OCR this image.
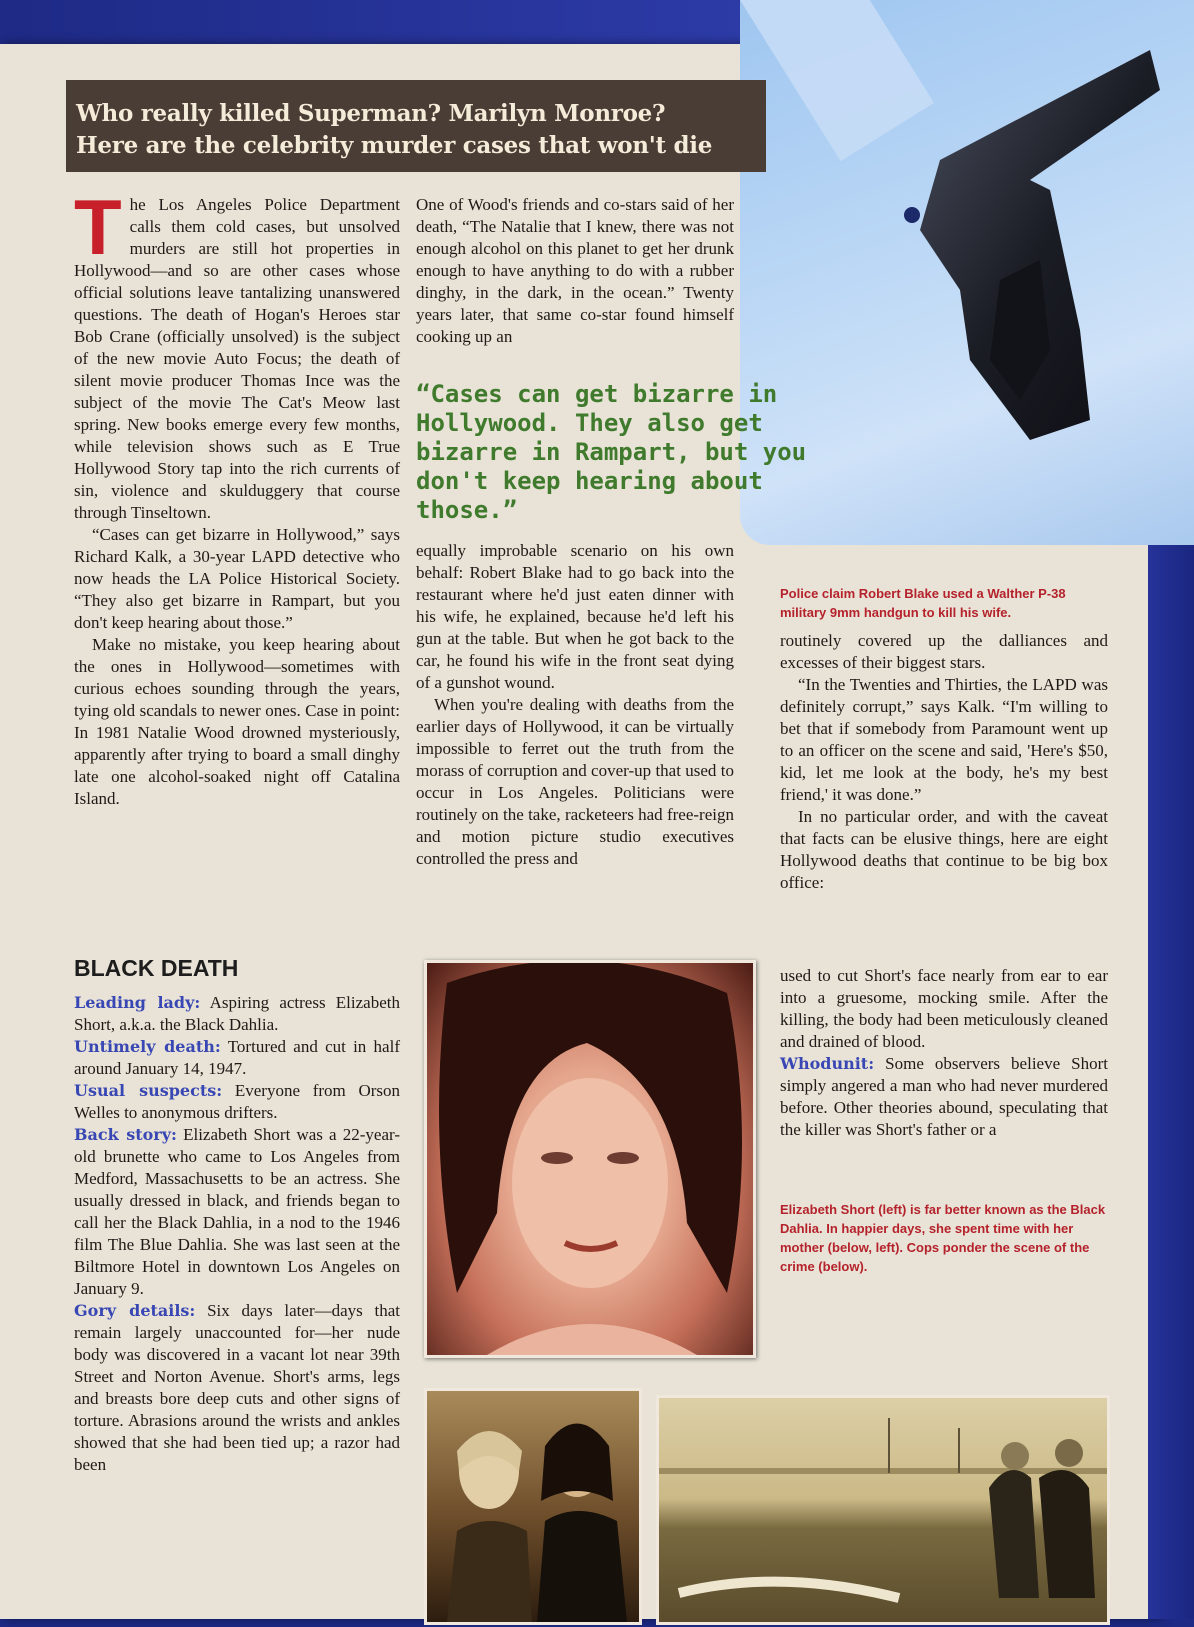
Who really killed Superman? Marilyn Monroe?
Here are the celebrity murder cases that won't die

The Los Angeles Police Department calls them cold cases, but unsolved murders are still hot properties in Hollywood—and so are other cases whose official solutions leave tantalizing unanswered questions. The death of Hogan's Heroes star Bob Crane (officially unsolved) is the subject of the new movie Auto Focus; the death of silent movie producer Thomas Ince was the subject of the movie The Cat's Meow last spring. New books emerge every few months, while television shows such as E True Hollywood Story tap into the rich currents of sin, violence and skulduggery that course through Tinseltown.

“Cases can get bizarre in Hollywood,” says Richard Kalk, a 30-year LAPD detective who now heads the LA Police Historical Society. “They also get bizarre in Rampart, but you don't keep hearing about those.”

Make no mistake, you keep hearing about the ones in Hollywood—sometimes with curious echoes sounding through the years, tying old scandals to newer ones. Case in point: In 1981 Natalie Wood drowned mysteriously, apparently after trying to board a small dinghy late one alcohol-soaked night off Catalina Island.

One of Wood's friends and co-stars said of her death, “The Natalie that I knew, there was not enough alcohol on this planet to get her drunk enough to have anything to do with a rubber dinghy, in the dark, in the ocean.” Twenty years later, that same co-star found himself cooking up an

“Cases can get bizarre in Hollywood. They also get bizarre in Rampart, but you don't keep hearing about those.”

equally improbable scenario on his own behalf: Robert Blake had to go back into the restaurant where he'd just eaten dinner with his wife, he explained, because he'd left his gun at the table. But when he got back to the car, he found his wife in the front seat dying of a gunshot wound.

When you're dealing with deaths from the earlier days of Hollywood, it can be virtually impossible to ferret out the truth from the morass of corruption and cover-up that used to occur in Los Angeles. Politicians were routinely on the take, racketeers had free-reign and motion picture studio executives controlled the press and

Police claim Robert Blake used a Walther P-38 military 9mm handgun to kill his wife.

routinely covered up the dalliances and excesses of their biggest stars.

“In the Twenties and Thirties, the LAPD was definitely corrupt,” says Kalk. “I'm willing to bet that if somebody from Paramount went up to an officer on the scene and said, 'Here's $50, kid, let me look at the body, he's my best friend,' it was done.”

In no particular order, and with the caveat that facts can be elusive things, here are eight Hollywood deaths that continue to be big box office:

BLACK DEATH

Leading lady: Aspiring actress Elizabeth Short, a.k.a. the Black Dahlia.

Untimely death: Tortured and cut in half around January 14, 1947.

Usual suspects: Everyone from Orson Welles to anonymous drifters.

Back story: Elizabeth Short was a 22-year-old brunette who came to Los Angeles from Medford, Massachusetts to be an actress. She usually dressed in black, and friends began to call her the Black Dahlia, in a nod to the 1946 film The Blue Dahlia. She was last seen at the Biltmore Hotel in downtown Los Angeles on January 9.

Gory details: Six days later—days that remain largely unaccounted for—her nude body was discovered in a vacant lot near 39th Street and Norton Avenue. Short's arms, legs and breasts bore deep cuts and other signs of torture. Abrasions around the wrists and ankles showed that she had been tied up; a razor had been

used to cut Short's face nearly from ear to ear into a gruesome, mocking smile. After the killing, the body had been meticulously cleaned and drained of blood.

Whodunit: Some observers believe Short simply angered a man who had never murdered before. Other theories abound, speculating that the killer was Short's father or a

Elizabeth Short (left) is far better known as the Black Dahlia. In happier days, she spent time with her mother (below, left). Cops ponder the scene of the crime (below).
